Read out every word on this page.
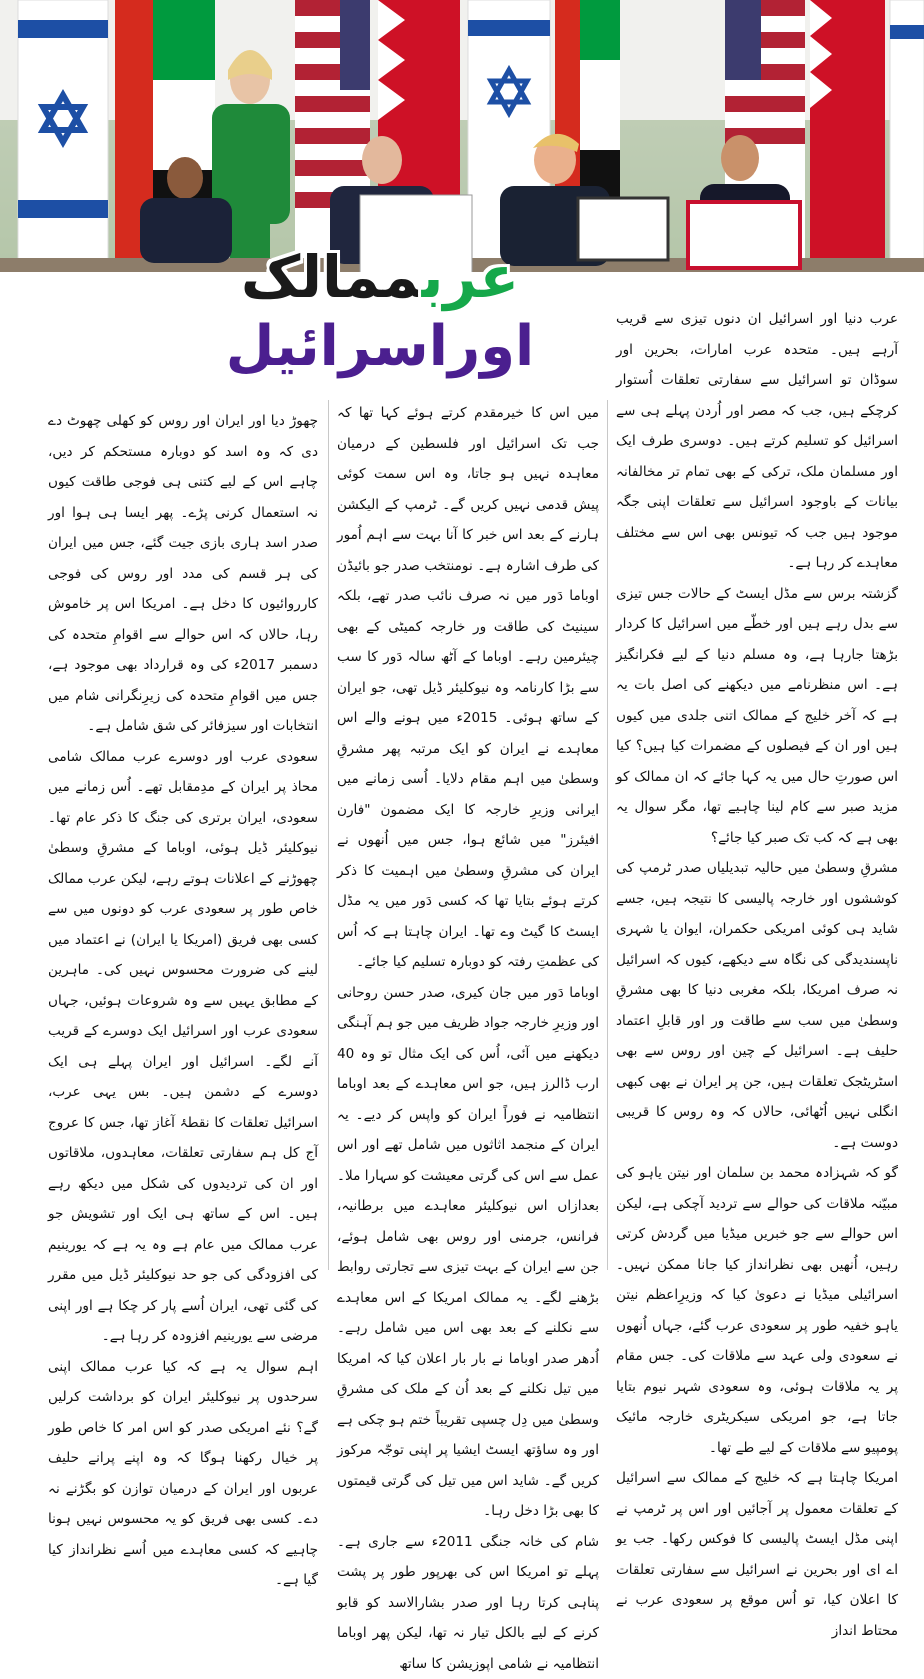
عربممالک
اوراسرائیل	عرب دنیا اور اسرائیل ان دنوں تیزی سے قریب آرہے ہیں۔ متحدہ عرب امارات، بحرین اور سوڈان تو اسرائیل سے سفارتی تعلقات اُستوار کرچکے ہیں، جب کہ مصر اور اُردن پہلے ہی سے اسرائیل کو تسلیم کرتے ہیں۔ دوسری طرف ایک اور مسلمان ملک، ترکی کے بھی تمام تر مخالفانہ بیانات کے باوجود اسرائیل سے تعلقات اپنی جگہ موجود ہیں جب کہ تیونس بھی اس سے مختلف معاہدے کر رہا ہے۔

گزشتہ برس سے مڈل ایسٹ کے حالات جس تیزی سے بدل رہے ہیں اور خطّے میں اسرائیل کا کردار بڑھتا جارہا ہے، وہ مسلم دنیا کے لیے فکرانگیز ہے۔ اس منظرنامے میں دیکھنے کی اصل بات یہ ہے کہ آخر خلیج کے ممالک اتنی جلدی میں کیوں ہیں اور ان کے فیصلوں کے مضمرات کیا ہیں؟ کیا اس صورتِ حال میں یہ کہا جائے کہ ان ممالک کو مزید صبر سے کام لینا چاہیے تھا، مگر سوال یہ بھی ہے کہ کب تک صبر کیا جائے؟

مشرقِ وسطیٰ میں حالیہ تبدیلیاں صدر ٹرمپ کی کوششوں اور خارجہ پالیسی کا نتیجہ ہیں، جسے شاید ہی کوئی امریکی حکمران، ایوان یا شہری ناپسندیدگی کی نگاہ سے دیکھے، کیوں کہ اسرائیل نہ صرف امریکا، بلکہ مغربی دنیا کا بھی مشرقِ وسطیٰ میں سب سے طاقت ور اور قابلِ اعتماد حلیف ہے۔ اسرائیل کے چین اور روس سے بھی اسٹریٹجک تعلقات ہیں، جن پر ایران نے بھی کبھی انگلی نہیں اُٹھائی، حالاں کہ وہ روس کا قریبی دوست ہے۔

گو کہ شہزادہ محمد بن سلمان اور نیتن یاہو کی مبیّنہ ملاقات کی حوالے سے تردید آچکی ہے، لیکن اس حوالے سے جو خبریں میڈیا میں گردش کرتی رہیں، اُنھیں بھی نظرانداز کیا جانا ممکن نہیں۔ اسرائیلی میڈیا نے دعویٰ کیا کہ وزیرِاعظم نیتن یاہو خفیہ طور پر سعودی عرب گئے، جہاں اُنھوں نے سعودی ولی عہد سے ملاقات کی۔ جس مقام پر یہ ملاقات ہوئی، وہ سعودی شہر نیوم بتایا جاتا ہے، جو امریکی سیکریٹری خارجہ مائیک پومپیو سے ملاقات کے لیے طے تھا۔

امریکا چاہتا ہے کہ خلیج کے ممالک سے اسرائیل کے تعلقات معمول پر آجائیں اور اس پر ٹرمپ نے اپنی مڈل ایسٹ پالیسی کا فوکس رکھا۔ جب یو اے ای اور بحرین نے اسرائیل سے سفارتی تعلقات کا اعلان کیا، تو اُس موقع پر سعودی عرب نے محتاط انداز

میں اس کا خیرمقدم کرتے ہوئے کہا تھا کہ جب تک اسرائیل اور فلسطین کے درمیان معاہدہ نہیں ہو جاتا، وہ اس سمت کوئی پیش قدمی نہیں کریں گے۔ ٹرمپ کے الیکشن ہارنے کے بعد اس خبر کا آنا بہت سے اہم اُمور کی طرف اشارہ ہے۔ نومنتخب صدر جو بائیڈن اوباما دَور میں نہ صرف نائب صدر تھے، بلکہ سینیٹ کی طاقت ور خارجہ کمیٹی کے بھی چیئرمین رہے۔ اوباما کے آٹھ سالہ دَور کا سب سے بڑا کارنامہ وہ نیوکلیئر ڈیل تھی، جو ایران کے ساتھ ہوئی۔ 2015ء میں ہونے والے اس معاہدے نے ایران کو ایک مرتبہ پھر مشرقِ وسطیٰ میں اہم مقام دلایا۔ اُسی زمانے میں ایرانی وزیرِ خارجہ کا ایک مضمون "فارن افیئرز" میں شائع ہوا، جس میں اُنھوں نے ایران کی مشرقِ وسطیٰ میں اہمیت کا ذکر کرتے ہوئے بتایا تھا کہ کسی دَور میں یہ مڈل ایسٹ کا گیٹ وے تھا۔ ایران چاہتا ہے کہ اُس کی عظمتِ رفتہ کو دوبارہ تسلیم کیا جائے۔

اوباما دَور میں جان کیری، صدر حسن روحانی اور وزیرِ خارجہ جواد ظریف میں جو ہم آہنگی دیکھنے میں آئی، اُس کی ایک مثال تو وہ 40 ارب ڈالرز ہیں، جو اس معاہدے کے بعد اوباما انتظامیہ نے فوراً ایران کو واپس کر دیے۔ یہ ایران کے منجمد اثاثوں میں شامل تھے اور اس عمل سے اس کی گرتی معیشت کو سہارا ملا۔ بعدازاں اس نیوکلیئر معاہدے میں برطانیہ، فرانس، جرمنی اور روس بھی شامل ہوئے، جن سے ایران کے بہت تیزی سے تجارتی روابط بڑھنے لگے۔ یہ ممالک امریکا کے اس معاہدے سے نکلنے کے بعد بھی اس میں شامل رہے۔ اُدھر صدر اوباما نے بار بار اعلان کیا کہ امریکا میں تیل نکلنے کے بعد اُن کے ملک کی مشرقِ وسطیٰ میں دِل چسپی تقریباً ختم ہو چکی ہے اور وہ ساؤتھ ایسٹ ایشیا پر اپنی توجّہ مرکوز کریں گے۔ شاید اس میں تیل کی گرتی قیمتوں کا بھی بڑا دخل رہا۔

شام کی خانہ جنگی 2011ء سے جاری ہے۔ پہلے تو امریکا اس کی بھرپور طور پر پشت پناہی کرتا رہا اور صدر بشارالاسد کو قابو کرنے کے لیے بالکل تیار نہ تھا، لیکن پھر اوباما انتظامیہ نے شامی اپوزیشن کا ساتھ

چھوڑ دیا اور ایران اور روس کو کھلی چھوٹ دے دی کہ وہ اسد کو دوبارہ مستحکم کر دیں، چاہے اس کے لیے کتنی ہی فوجی طاقت کیوں نہ استعمال کرنی پڑے۔ پھر ایسا ہی ہوا اور صدر اسد ہاری بازی جیت گئے، جس میں ایران کی ہر قسم کی مدد اور روس کی فوجی کارروائیوں کا دخل ہے۔ امریکا اس پر خاموش رہا، حالاں کہ اس حوالے سے اقوامِ متحدہ کی دسمبر 2017ء کی وہ قرارداد بھی موجود ہے، جس میں اقوامِ متحدہ کی زیرِنگرانی شام میں انتخابات اور سیزفائر کی شق شامل ہے۔

سعودی عرب اور دوسرے عرب ممالک شامی محاذ پر ایران کے مدِمقابل تھے۔ اُس زمانے میں سعودی، ایران برتری کی جنگ کا ذکر عام تھا۔ نیوکلیئر ڈیل ہوئی، اوباما کے مشرقِ وسطیٰ چھوڑنے کے اعلانات ہوتے رہے، لیکن عرب ممالک خاص طور پر سعودی عرب کو دونوں میں سے کسی بھی فریق (امریکا یا ایران) نے اعتماد میں لینے کی ضرورت محسوس نہیں کی۔ ماہرین کے مطابق یہیں سے وہ شروعات ہوئیں، جہاں سعودی عرب اور اسرائیل ایک دوسرے کے قریب آنے لگے۔ اسرائیل اور ایران پہلے ہی ایک دوسرے کے دشمن ہیں۔ بس یہی عرب، اسرائیل تعلقات کا نقطۂ آغاز تھا، جس کا عروج آج کل ہم سفارتی تعلقات، معاہدوں، ملاقاتوں اور ان کی تردیدوں کی شکل میں دیکھ رہے ہیں۔ اس کے ساتھ ہی ایک اور تشویش جو عرب ممالک میں عام ہے وہ یہ ہے کہ یورینیم کی افزودگی کی جو حد نیوکلیئر ڈیل میں مقرر کی گئی تھی، ایران اُسے پار کر چکا ہے اور اپنی مرضی سے یورینیم افزودہ کر رہا ہے۔

اہم سوال یہ ہے کہ کیا عرب ممالک اپنی سرحدوں پر نیوکلیئر ایران کو برداشت کرلیں گے؟ نئے امریکی صدر کو اس امر کا خاص طور پر خیال رکھنا ہوگا کہ وہ اپنے پرانے حلیف عربوں اور ایران کے درمیان توازن کو بگڑنے نہ دے۔ کسی بھی فریق کو یہ محسوس نہیں ہونا چاہیے کہ کسی معاہدے میں اُسے نظرانداز کیا گیا ہے۔
